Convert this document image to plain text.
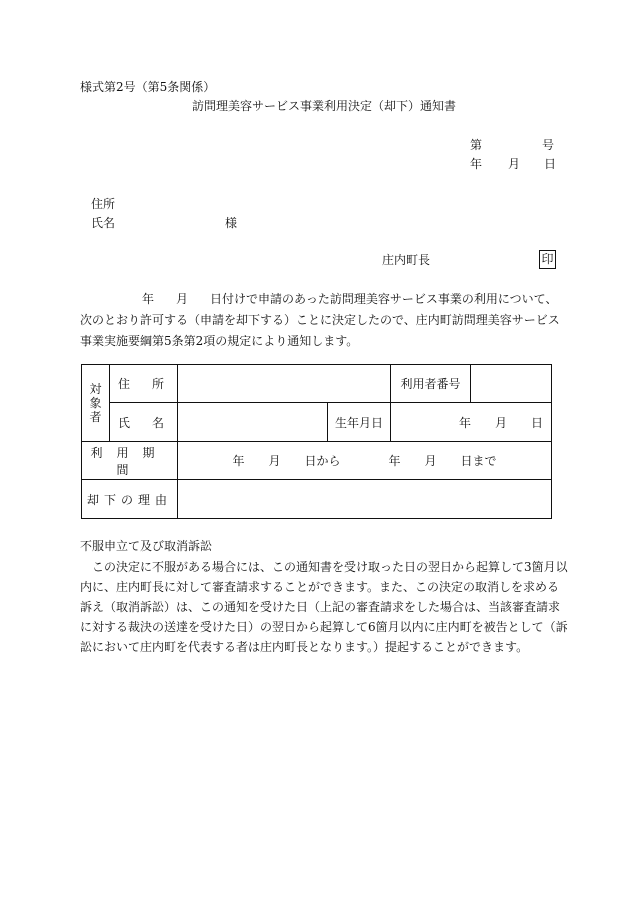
様式第2号（第5条関係）
訪問理美容サービス事業利用決定（却下）通知書
第	号
年 月 日
住所
氏名	様
庄内町長	印
年 月 日付けで申請のあった訪問理美容サービス事業の利用について、
次のとおり許可する（申請を却下する）ことに決定したので、庄内町訪問理美容サービス
事業実施要綱第5条第2項の規定により通知します。
対象者	住　所			利用者番号	
	氏　名		生年月日	年　　月　　日	
利用期間		年　　月　　日から　　　　年　　月　　日まで			
却下の理由					
不服申立て及び取消訴訟
この決定に不服がある場合には、この通知書を受け取った日の翌日から起算して3箇月以
内に、庄内町長に対して審査請求することができます。また、この決定の取消しを求める
訴え（取消訴訟）は、この通知を受けた日（上記の審査請求をした場合は、当該審査請求
に対する裁決の送達を受けた日）の翌日から起算して6箇月以内に庄内町を被告として（訴
訟において庄内町を代表する者は庄内町長となります。）提起することができます。
